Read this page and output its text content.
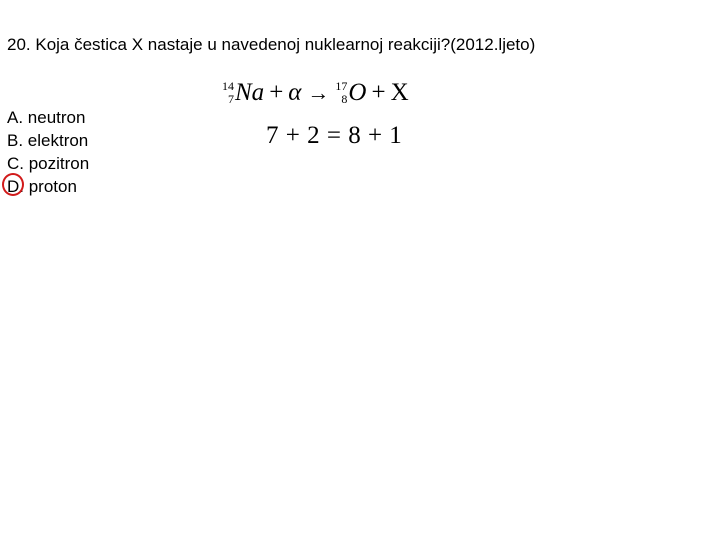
20. Koja čestica X nastaje u navedenoj nuklearnoj reakciji?(2012.ljeto)
A. neutron
B. elektron
C. pozitron
D. proton
14
7 Na + α → 17
8 O + X
7 + 2 = 8 + 1
